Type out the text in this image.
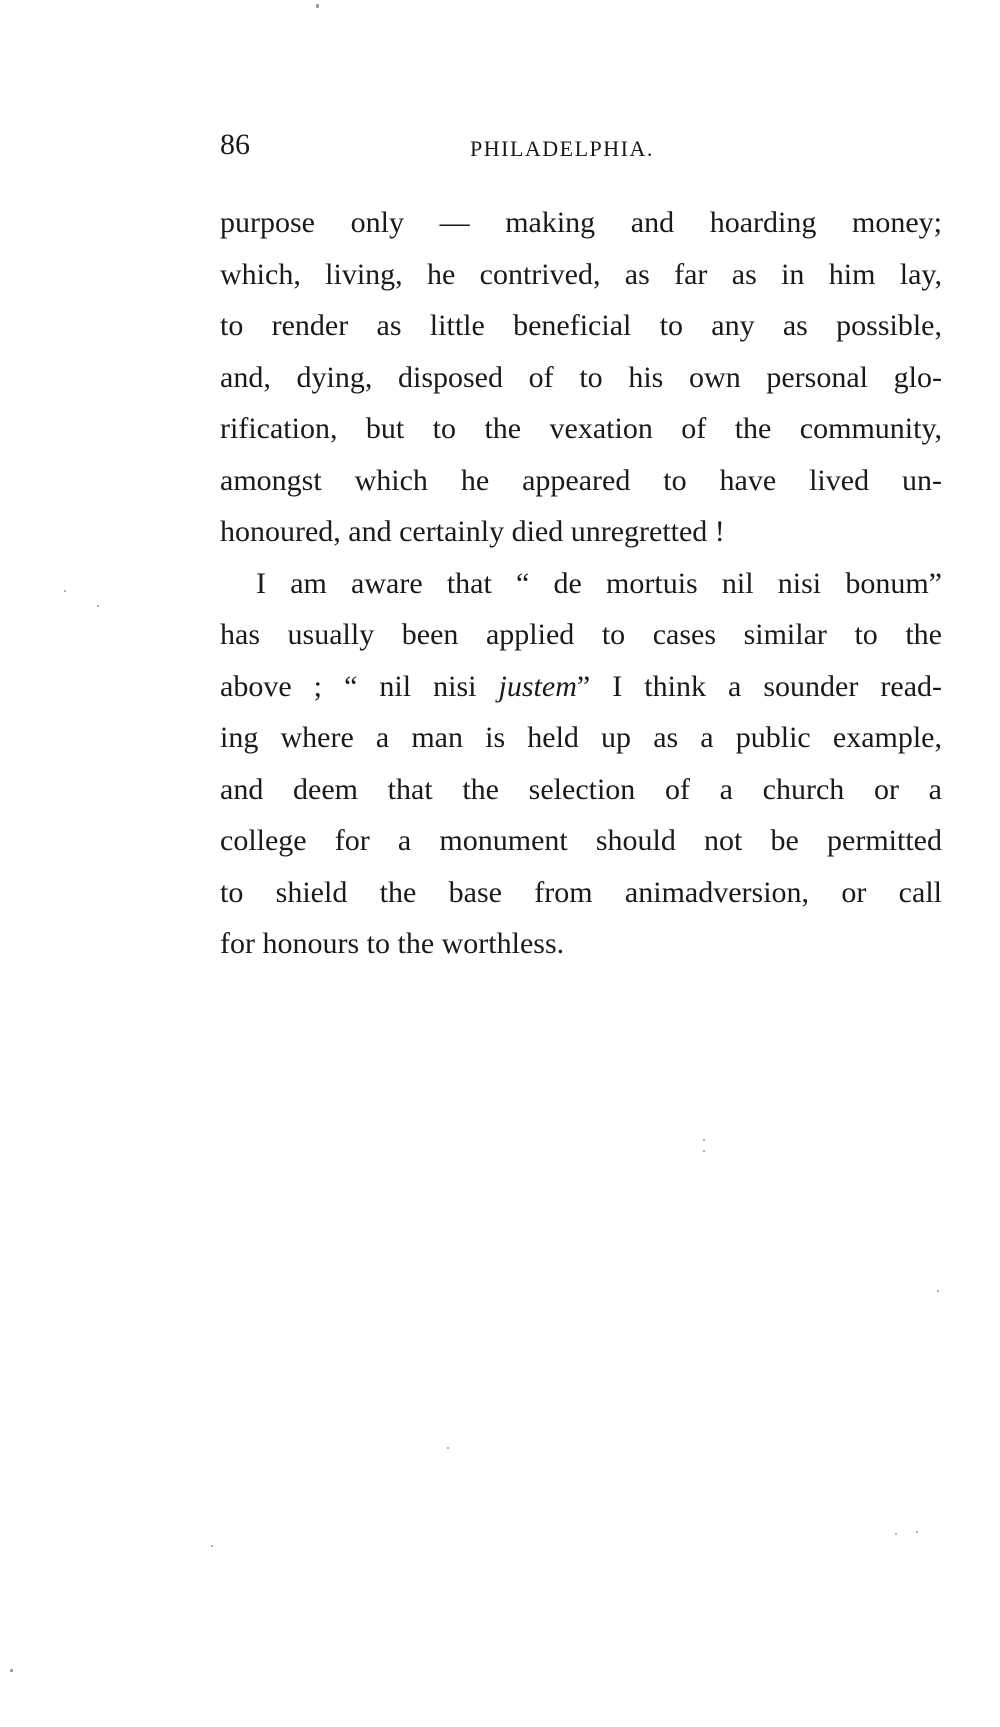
86	PHILADELPHIA.
purpose only — making and hoarding money;
which, living, he contrived, as far as in him lay,
to render as little beneficial to any as possible,
and, dying, disposed of to his own personal glo-
rification, but to the vexation of the community,
amongst which he appeared to have lived un-
honoured, and certainly died unregretted !
I am aware that “ de mortuis nil nisi bonum”
has usually been applied to cases similar to the
above ; “ nil nisi justem” I think a sounder read-
ing where a man is held up as a public example,
and deem that the selection of a church or a
college for a monument should not be permitted
to shield the base from animadversion, or call
for honours to the worthless.
